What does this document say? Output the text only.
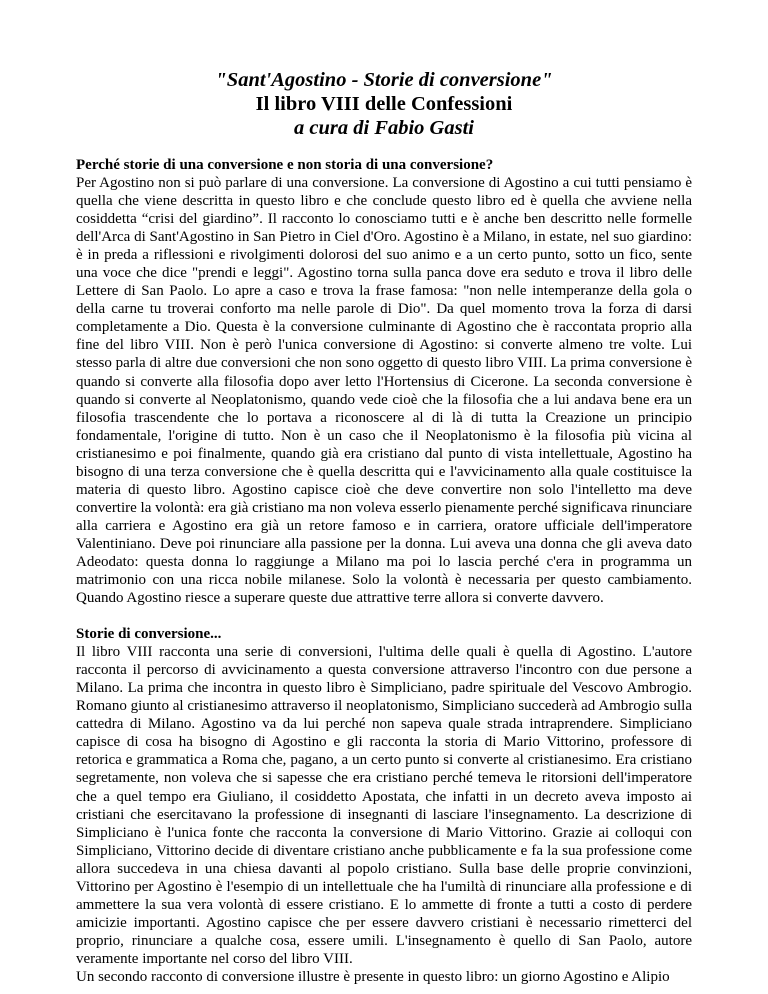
"Sant'Agostino - Storie di conversione"
Il libro VIII delle Confessioni
a cura di Fabio Gasti
Perché storie di una conversione e non storia di una conversione?
Per Agostino non si può parlare di una conversione. La conversione di Agostino a cui tutti pensiamo è quella che viene descritta in questo libro e che conclude questo libro ed è quella che avviene nella cosiddetta “crisi del giardino”. Il racconto lo conosciamo tutti e è anche ben descritto nelle formelle dell'Arca di Sant'Agostino in San Pietro in Ciel d'Oro. Agostino è a Milano, in estate, nel suo giardino: è in preda a riflessioni e rivolgimenti dolorosi del suo animo e a un certo punto, sotto un fico, sente una voce che dice "prendi e leggi". Agostino torna sulla panca dove era seduto e trova il libro delle Lettere di San Paolo. Lo apre a caso e trova la frase famosa: "non nelle intemperanze della gola o della carne tu troverai conforto ma nelle parole di Dio". Da quel momento trova la forza di darsi completamente a Dio. Questa è la conversione culminante di Agostino che è raccontata proprio alla fine del libro VIII. Non è però l'unica conversione di Agostino: si converte almeno tre volte. Lui stesso parla di altre due conversioni che non sono oggetto di questo libro VIII. La prima conversione è quando si converte alla filosofia dopo aver letto l'Hortensius di Cicerone. La seconda conversione è quando si converte al Neoplatonismo, quando vede cioè che la filosofia che a lui andava bene era un filosofia trascendente che lo portava a riconoscere al di là di tutta la Creazione un principio fondamentale, l'origine di tutto. Non è un caso che il Neoplatonismo è la filosofia più vicina al cristianesimo e poi finalmente, quando già era cristiano dal punto di vista intellettuale, Agostino ha bisogno di una terza conversione che è quella descritta qui e l'avvicinamento alla quale costituisce la materia di questo libro. Agostino capisce cioè che deve convertire non solo l'intelletto ma deve convertire la volontà: era già cristiano ma non voleva esserlo pienamente perché significava rinunciare alla carriera e Agostino era già un retore famoso e in carriera, oratore ufficiale dell'imperatore Valentiniano. Deve poi rinunciare alla passione per la donna. Lui aveva una donna che gli aveva dato Adeodato: questa donna lo raggiunge a Milano ma poi lo lascia perché c'era in programma un matrimonio con una ricca nobile milanese. Solo la volontà è necessaria per questo cambiamento. Quando Agostino riesce a superare queste due attrattive terre allora si converte davvero.
Storie di conversione...
Il libro VIII racconta una serie di conversioni, l'ultima delle quali è quella di Agostino. L'autore racconta il percorso di avvicinamento a questa conversione attraverso l'incontro con due persone a Milano. La prima che incontra in questo libro è Simpliciano, padre spirituale del Vescovo Ambrogio. Romano giunto al cristianesimo attraverso il neoplatonismo, Simpliciano succederà ad Ambrogio sulla cattedra di Milano. Agostino va da lui perché non sapeva quale strada intraprendere. Simpliciano capisce di cosa ha bisogno di Agostino e gli racconta la storia di Mario Vittorino, professore di retorica e grammatica a Roma che, pagano, a un certo punto si converte al cristianesimo. Era cristiano segretamente, non voleva che si sapesse che era cristiano perché temeva le ritorsioni dell'imperatore che a quel tempo era Giuliano, il cosiddetto Apostata, che infatti in un decreto aveva imposto ai cristiani che esercitavano la professione di insegnanti di lasciare l'insegnamento. La descrizione di Simpliciano è l'unica fonte che racconta la conversione di Mario Vittorino. Grazie ai colloqui con Simpliciano, Vittorino decide di diventare cristiano anche pubblicamente e fa la sua professione come allora succedeva in una chiesa davanti al popolo cristiano. Sulla base delle proprie convinzioni, Vittorino per Agostino è l'esempio di un intellettuale che ha l'umiltà di rinunciare alla professione e di ammettere la sua vera volontà di essere cristiano. E lo ammette di fronte a tutti a costo di perdere amicizie importanti. Agostino capisce che per essere davvero cristiani è necessario rimetterci del proprio, rinunciare a qualche cosa, essere umili. L'insegnamento è quello di San Paolo, autore veramente importante nel corso del libro VIII.
Un secondo racconto di conversione illustre è presente in questo libro: un giorno Agostino e Alipio
